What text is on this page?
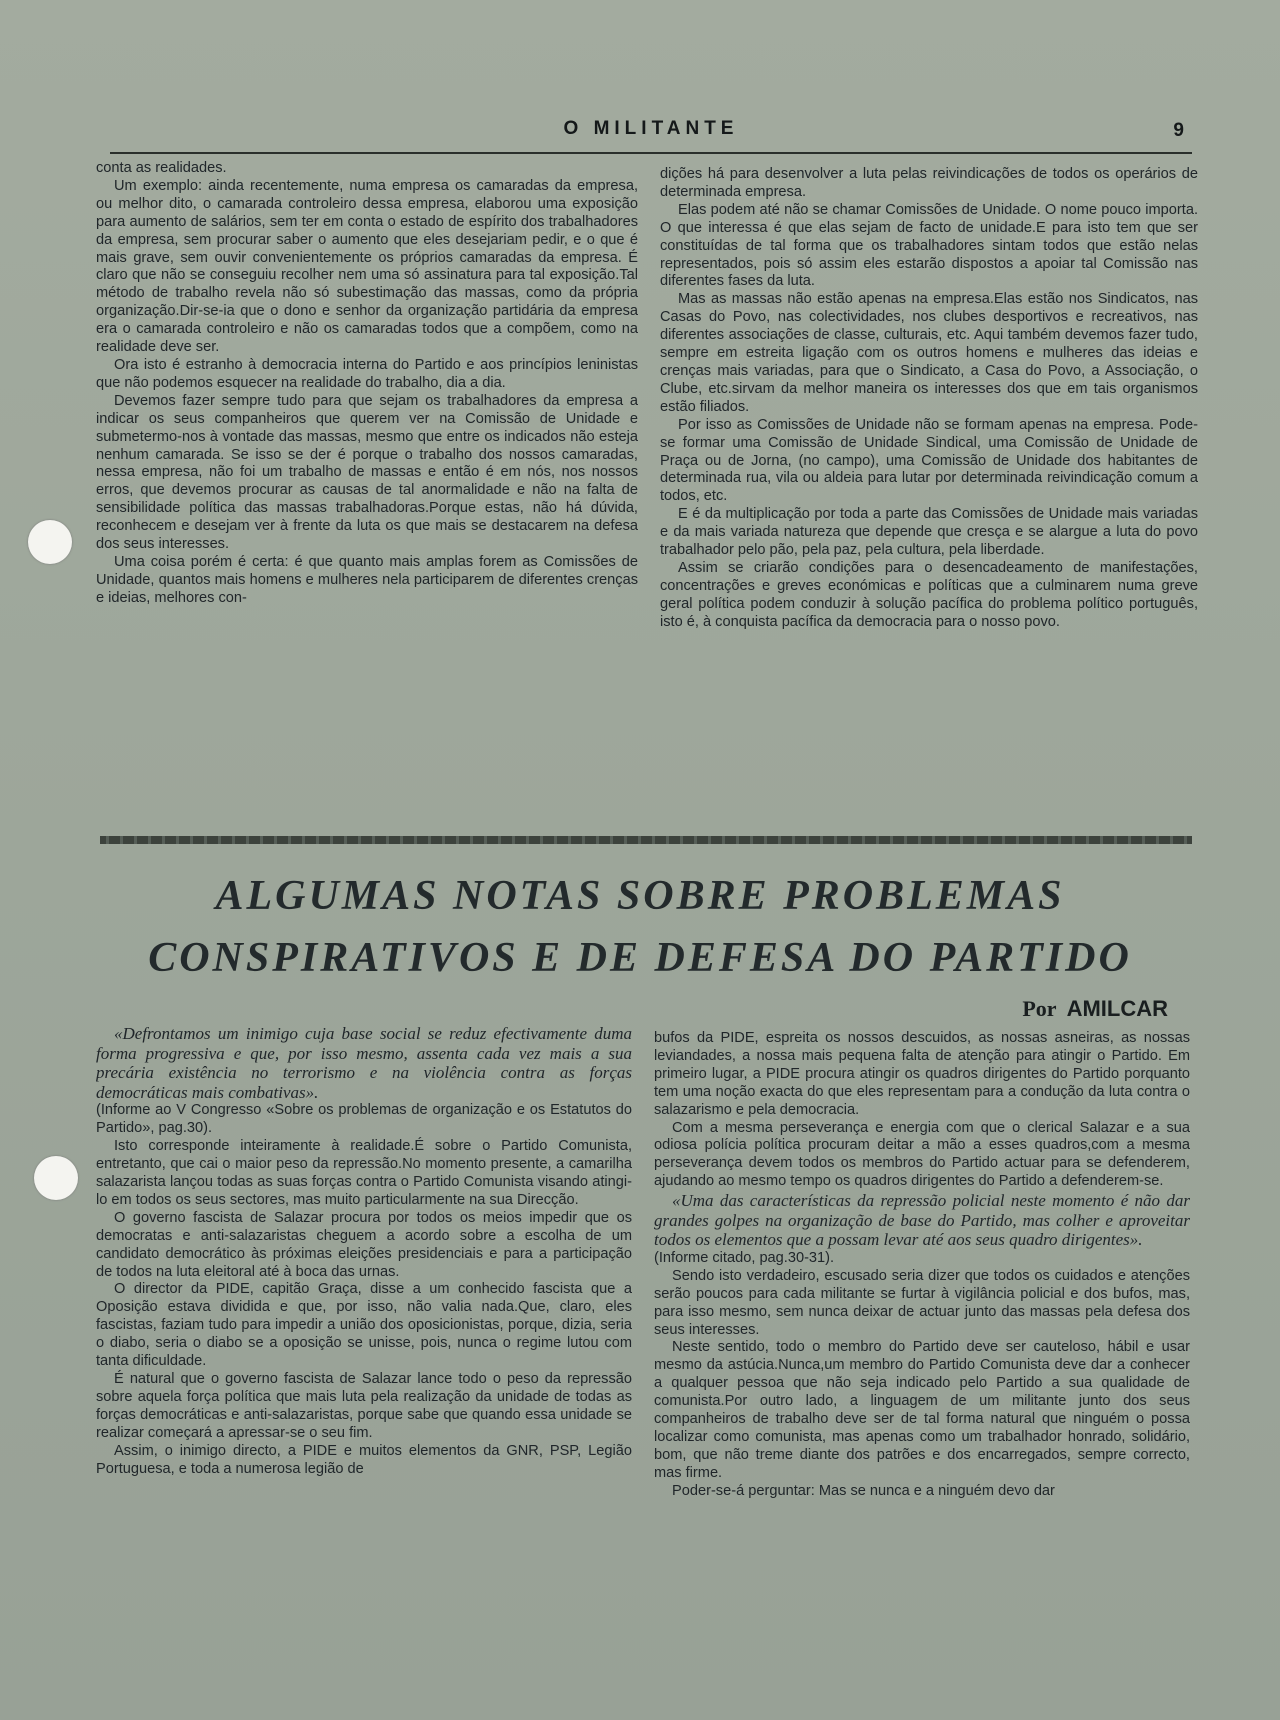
O MILITANTE	9

conta as realidades.

Um exemplo: ainda recentemente, numa empresa os camaradas da empresa, ou melhor dito, o camarada controleiro dessa empresa, elaborou uma exposição para aumento de salários, sem ter em conta o estado de espírito dos trabalhadores da empresa, sem procurar saber o aumento que eles desejariam pedir, e o que é mais grave, sem ouvir convenientemente os próprios camaradas da empresa. É claro que não se conseguiu recolher nem uma só assinatura para tal exposição.Tal método de trabalho revela não só subestimação das massas, como da própria organização.Dir-se-ia que o dono e senhor da organização partidária da empresa era o camarada controleiro e não os camaradas todos que a compõem, como na realidade deve ser.

Ora isto é estranho à democracia interna do Partido e aos princípios leninistas que não podemos esquecer na realidade do trabalho, dia a dia.

Devemos fazer sempre tudo para que sejam os trabalhadores da empresa a indicar os seus companheiros que querem ver na Comissão de Unidade e submetermo-nos à vontade das massas, mesmo que entre os indicados não esteja nenhum camarada. Se isso se der é porque o trabalho dos nossos camaradas, nessa empresa, não foi um trabalho de massas e então é em nós, nos nossos erros, que devemos procurar as causas de tal anormalidade e não na falta de sensibilidade política das massas trabalhadoras.Porque estas, não há dúvida, reconhecem e desejam ver à frente da luta os que mais se destacarem na defesa dos seus interesses.

Uma coisa porém é certa: é que quanto mais amplas forem as Comissões de Unidade, quantos mais homens e mulheres nela participarem de diferentes crenças e ideias, melhores con-

dições há para desenvolver a luta pelas reivindicações de todos os operários de determinada empresa.

Elas podem até não se chamar Comissões de Unidade. O nome pouco importa. O que interessa é que elas sejam de facto de unidade.E para isto tem que ser constituídas de tal forma que os trabalhadores sintam todos que estão nelas representados, pois só assim eles estarão dispostos a apoiar tal Comissão nas diferentes fases da luta.

Mas as massas não estão apenas na empresa.Elas estão nos Sindicatos, nas Casas do Povo, nas colectividades, nos clubes desportivos e recreativos, nas diferentes associações de classe, culturais, etc. Aqui também devemos fazer tudo, sempre em estreita ligação com os outros homens e mulheres das ideias e crenças mais variadas, para que o Sindicato, a Casa do Povo, a Associação, o Clube, etc.sirvam da melhor maneira os interesses dos que em tais organismos estão filiados.

Por isso as Comissões de Unidade não se formam apenas na empresa. Pode-se formar uma Comissão de Unidade Sindical, uma Comissão de Unidade de Praça ou de Jorna, (no campo), uma Comissão de Unidade dos habitantes de determinada rua, vila ou aldeia para lutar por determinada reivindicação comum a todos, etc.

E é da multiplicação por toda a parte das Comissões de Unidade mais variadas e da mais variada natureza que depende que cresça e se alargue a luta do povo trabalhador pelo pão, pela paz, pela cultura, pela liberdade.

Assim se criarão condições para o desencadeamento de manifestações, concentrações e greves económicas e políticas que a culminarem numa greve geral política podem conduzir à solução pacífica do problema político português, isto é, à conquista pacífica da democracia para o nosso povo.

ALGUMAS NOTAS SOBRE PROBLEMAS
CONSPIRATIVOS E DE DEFESA DO PARTIDO
Por AMILCAR

«Defrontamos um inimigo cuja base social se reduz efectivamente duma forma progressiva e que, por isso mesmo, assenta cada vez mais a sua precária existência no terrorismo e na violência contra as forças democráticas mais combativas».

(Informe ao V Congresso «Sobre os problemas de organização e os Estatutos do Partido», pag.30).

Isto corresponde inteiramente à realidade.É sobre o Partido Comunista, entretanto, que cai o maior peso da repressão.No momento presente, a camarilha salazarista lançou todas as suas forças contra o Partido Comunista visando atingi-lo em todos os seus sectores, mas muito particularmente na sua Direcção.

O governo fascista de Salazar procura por todos os meios impedir que os democratas e anti-salazaristas cheguem a acordo sobre a escolha de um candidato democrático às próximas eleições presidenciais e para a participação de todos na luta eleitoral até à boca das urnas.

O director da PIDE, capitão Graça, disse a um conhecido fascista que a Oposição estava dividida e que, por isso, não valia nada.Que, claro, eles fascistas, faziam tudo para impedir a união dos oposicionistas, porque, dizia, seria o diabo, seria o diabo se a oposição se unisse, pois, nunca o regime lutou com tanta dificuldade.

É natural que o governo fascista de Salazar lance todo o peso da repressão sobre aquela força política que mais luta pela realização da unidade de todas as forças democráticas e anti-salazaristas, porque sabe que quando essa unidade se realizar começará a apressar-se o seu fim.

Assim, o inimigo directo, a PIDE e muitos elementos da GNR, PSP, Legião Portuguesa, e toda a numerosa legião de

bufos da PIDE, espreita os nossos descuidos, as nossas asneiras, as nossas leviandades, a nossa mais pequena falta de atenção para atingir o Partido. Em primeiro lugar, a PIDE procura atingir os quadros dirigentes do Partido porquanto tem uma noção exacta do que eles representam para a condução da luta contra o salazarismo e pela democracia.

Com a mesma perseverança e energia com que o clerical Salazar e a sua odiosa polícia política procuram deitar a mão a esses quadros,com a mesma perseverança devem todos os membros do Partido actuar para se defenderem, ajudando ao mesmo tempo os quadros dirigentes do Partido a defenderem-se.

«Uma das características da repressão policial neste momento é não dar grandes golpes na organização de base do Partido, mas colher e aproveitar todos os elementos que a possam levar até aos seus quadro dirigentes».

(Informe citado, pag.30-31).

Sendo isto verdadeiro, escusado seria dizer que todos os cuidados e atenções serão poucos para cada militante se furtar à vigilância policial e dos bufos, mas, para isso mesmo, sem nunca deixar de actuar junto das massas pela defesa dos seus interesses.

Neste sentido, todo o membro do Partido deve ser cauteloso, hábil e usar mesmo da astúcia.Nunca,um membro do Partido Comunista deve dar a conhecer a qualquer pessoa que não seja indicado pelo Partido a sua qualidade de comunista.Por outro lado, a linguagem de um militante junto dos seus companheiros de trabalho deve ser de tal forma natural que ninguém o possa localizar como comunista, mas apenas como um trabalhador honrado, solidário, bom, que não treme diante dos patrões e dos encarregados, sempre correcto, mas firme.

Poder-se-á perguntar: Mas se nunca e a ninguém devo dar
